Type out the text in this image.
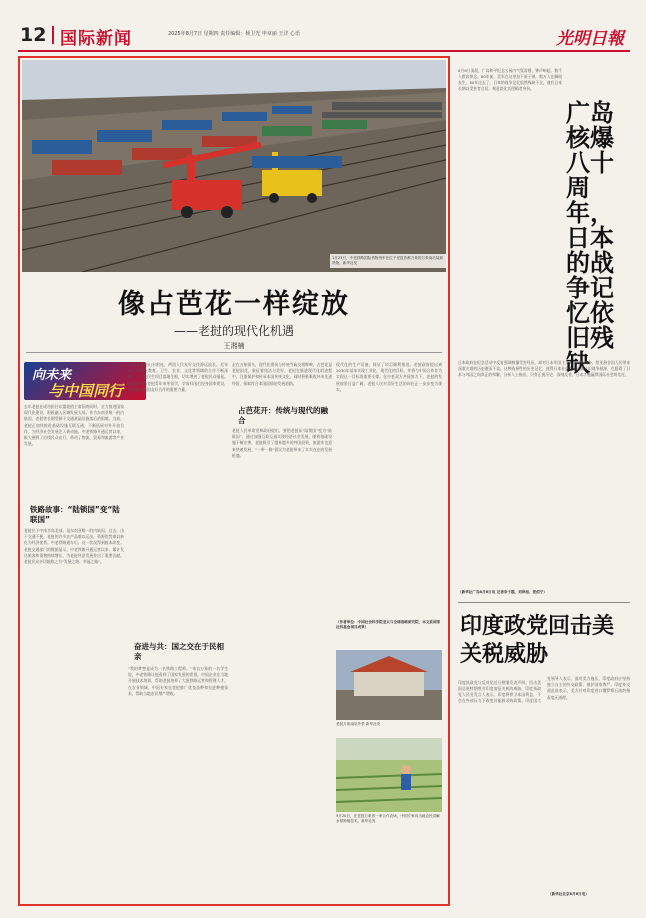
12 国际新闻	2025年8月7日 星期四 责任编辑：杨卫光 申章丽 王洋 心语	光明日報
1月23日，中老铁路国际货物列车在位于老挝首都万象的万象南站装卸货物。新华社发
像占芭花一样绽放
——老挝的现代化机遇
王湘楠
向未来
与中国同行

去年老挝在成功担任东盟轮值主席国的同时，全力推进国家现代化建设，积极融入区域发展大局。作为东南亚唯一的内陆国，老挝曾长期受制于交通基础设施落后的困境。当前，老挝正加快推进基础设施互联互通，不断拓展对外开放合作，为经济社会发展注入新动能。中老铁路开通运营以来，极大便利了沿线民众出行，带动了物流、贸易和旅游等产业发展。

铁路故事：“陆锁国”变“陆联国”

老挝位于中南半岛北部，是东南亚唯一的内陆国。过去，由于交通不便，老挝的许多农产品难以运出，资源优势难以转化为经济优势。中老铁路通车后，这一状况得到根本改变。老挝交通部门的数据显示，中老铁路开通运营以来，累计发送旅客和货物持续增长，为老挝经济发展作出了重要贡献。老挝民众亲切地称之为“发展之路、幸福之路”。

中国与老挝山水相连，两国人民友好交往源远流长。近年来，两国在教育、卫生、农业、文化等领域的合作不断深化，一大批民生项目落地生根，切实增进了老挝民众福祉。越来越多的老挝青年来华留学，学成归国后投身国家建设，成为推动两国友好合作的重要力量。

奋进与共：国之交在于民相亲

“我的梦想是成为一名铁路工程师。”来自万象的一名学生说，中老铁路让他看到了国家发展的希望。中国企业在当地开展技术培训，帮助老挝培养了大批铁路运营和管理人才。在农业领域，中国专家在老挝推广优良品种和先进种植技术，帮助当地农民增产增收。

走在万象街头，现代化建筑与传统寺庙交相辉映。占芭花是老挝国花，象征着纯洁与美好。老挝在推进现代化的进程中，注重保护和传承本国传统文化，同时积极吸收外来先进经验，探索符合本国国情的发展道路。

占芭花开：传统与现代的融合

老挝人民革命党和政府提出，要把老挝从“陆锁国”变为“陆联国”，通过加强互联互通实现经济社会发展。随着基础设施不断完善，老挝吸引了越来越多的外国投资，旅游业也迎来快速发展。“一带一路”倡议为老挝带来了实实在在的发展机遇。

现代化的生产设备，保证了项目顺利推进。老挝政府提出到2030年基本实现工业化、现代化的目标，并将与中国合作作为实现这一目标的重要支撑。在中老双方共同努力下，老挝的发展前景日益广阔，老挝人民对美好生活的向往正一步步变为现实。

（作者单位：中国社会科学院亚太与全球战略研究院，本文系国家社科基金项目成果）
老挝万象南站外景 新华社发
5月20日，在老挝万象省一家合作农场，中国专家向当地农民讲解水稻种植技术。新华社发

8月6日清晨，广岛和平纪念公园内气氛肃穆，钟声响起，数千人默哀悼念。80年前，美军在这里投下原子弹，数万人在瞬间丧生。80年过去了，日本的战争记忆依然残缺不全。战后日本长期以受害者自居，刻意淡化其侵略者身份。

广岛核爆八十周年，日本的战争记忆依旧残缺

日本政府在纪念活动中反复强调核爆受害经历，却对日本军国主义发动侵略战争、给亚洲各国人民带来深重灾难的历史避而不谈。这种选择性的历史记忆，使得日本社会难以正确认识战争根源，也阻碍了日本与邻国之间真正的和解。分析人士指出，只有正视历史、深刻反省，日本才能赢得国际社会的信任。

（新华社广岛8月6日电 记者李子越、刘泽旭、姜俏宁）
印度政党回击美关税威胁

印度执政党与反对党近日相继发表声明，回击美国总统特朗普对印度加征关税的威胁。印度执政党人民党发言人表示，印度将捍卫本国利益，不会在外部压力下改变其能源采购政策。印度国大党领导人表示，面对美方施压，印度政府应坚持独立自主的外交政策，维护国家尊严。印度外交部此前表示，美方针对印度进口俄罗斯石油的指责毫无道理。

（新华社北京8月6日电）
